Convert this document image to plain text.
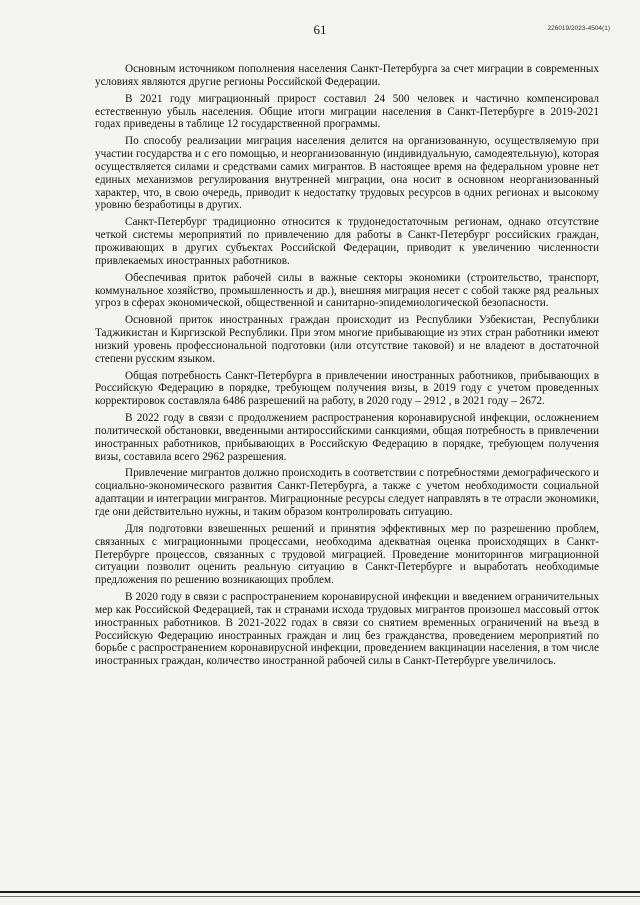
61	226019/2023-4504(1)

Основным источником пополнения населения Санкт-Петербурга за счет миграции в современных условиях являются другие регионы Российской Федерации.

В 2021 году миграционный прирост составил 24 500 человек и частично компенсировал естественную убыль населения. Общие итоги миграции населения в Санкт-Петербурге в 2019-2021 годах приведены в таблице 12 государственной программы.

По способу реализации миграция населения делится на организованную, осуществляемую при участии государства и с его помощью, и неорганизованную (индивидуальную, самодеятельную), которая осуществляется силами и средствами самих мигрантов. В настоящее время на федеральном уровне нет единых механизмов регулирования внутренней миграции, она носит в основном неорганизованный характер, что, в свою очередь, приводит к недостатку трудовых ресурсов в одних регионах и высокому уровню безработицы в других.

Санкт-Петербург традиционно относится к трудонедостаточным регионам, однако отсутствие четкой системы мероприятий по привлечению для работы в Санкт-Петербург российских граждан, проживающих в других субъектах Российской Федерации, приводит к увеличению численности привлекаемых иностранных работников.

Обеспечивая приток рабочей силы в важные секторы экономики (строительство, транспорт, коммунальное хозяйство, промышленность и др.), внешняя миграция несет с собой также ряд реальных угроз в сферах экономической, общественной и санитарно-эпидемиологической безопасности.

Основной приток иностранных граждан происходит из Республики Узбекистан, Республики Таджикистан и Киргизской Республики. При этом многие прибывающие из этих стран работники имеют низкий уровень профессиональной подготовки (или отсутствие таковой) и не владеют в достаточной степени русским языком.

Общая потребность Санкт-Петербурга в привлечении иностранных работников, прибывающих в Российскую Федерацию в порядке, требующем получения визы, в 2019 году с учетом проведенных корректировок составляла 6486 разрешений на работу, в 2020 году – 2912 , в 2021 году – 2672.

В 2022 году в связи с продолжением распространения коронавирусной инфекции, осложнением политической обстановки, введенными антироссийскими санкциями, общая потребность в привлечении иностранных работников, прибывающих в Российскую Федерацию в порядке, требующем получения визы, составила всего 2962 разрешения.

Привлечение мигрантов должно происходить в соответствии с потребностями демографического и социально-экономического развития Санкт-Петербурга, а также с учетом необходимости социальной адаптации и интеграции мигрантов. Миграционные ресурсы следует направлять в те отрасли экономики, где они действительно нужны, и таким образом контролировать ситуацию.

Для подготовки взвешенных решений и принятия эффективных мер по разрешению проблем, связанных с миграционными процессами, необходима адекватная оценка происходящих в Санкт-Петербурге процессов, связанных с трудовой миграцией. Проведение мониторингов миграционной ситуации позволит оценить реальную ситуацию в Санкт-Петербурге и выработать необходимые предложения по решению возникающих проблем.

В 2020 году в связи с распространением коронавирусной инфекции и введением ограничительных мер как Российской Федерацией, так и странами исхода трудовых мигрантов произошел массовый отток иностранных работников. В 2021-2022 годах в связи со снятием временных ограничений на въезд в Российскую Федерацию иностранных граждан и лиц без гражданства, проведением мероприятий по борьбе с распространением коронавирусной инфекции, проведением вакцинации населения, в том числе иностранных граждан, количество иностранной рабочей силы в Санкт-Петербурге увеличилось.
